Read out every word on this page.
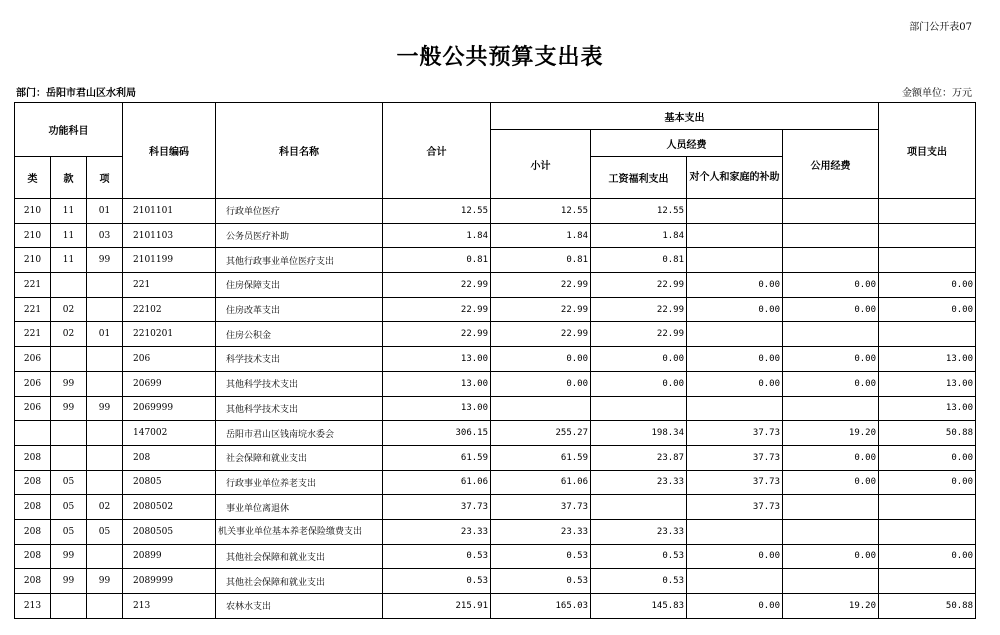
部门公开表07
一般公共预算支出表
部门：岳阳市君山区水利局	金额单位：万元
功能科目			科目编码	科目名称	合计	基本支出				项目支出
						小计	人员经费		公用经费	
类	款	项					工资福利支出	对个人和家庭的补助		

210	11	01	2101101	行政单位医疗	12.55	12.55	12.55			
210	11	03	2101103	公务员医疗补助	1.84	1.84	1.84			
210	11	99	2101199	其他行政事业单位医疗支出	0.81	0.81	0.81			
221			221	住房保障支出	22.99	22.99	22.99	0.00	0.00	0.00
221	02		22102	住房改革支出	22.99	22.99	22.99	0.00	0.00	0.00
221	02	01	2210201	住房公积金	22.99	22.99	22.99			
206			206	科学技术支出	13.00	0.00	0.00	0.00	0.00	13.00
206	99		20699	其他科学技术支出	13.00	0.00	0.00	0.00	0.00	13.00
206	99	99	2069999	其他科学技术支出	13.00					13.00
			147002	岳阳市君山区钱南垸水委会	306.15	255.27	198.34	37.73	19.20	50.88
208			208	社会保障和就业支出	61.59	61.59	23.87	37.73	0.00	0.00
208	05		20805	行政事业单位养老支出	61.06	61.06	23.33	37.73	0.00	0.00
208	05	02	2080502	事业单位离退休	37.73	37.73		37.73		
208	05	05	2080505	机关事业单位基本养老保险缴费支出	23.33	23.33	23.33			
208	99		20899	其他社会保障和就业支出	0.53	0.53	0.53	0.00	0.00	0.00
208	99	99	2089999	其他社会保障和就业支出	0.53	0.53	0.53			
213			213	农林水支出	215.91	165.03	145.83	0.00	19.20	50.88
